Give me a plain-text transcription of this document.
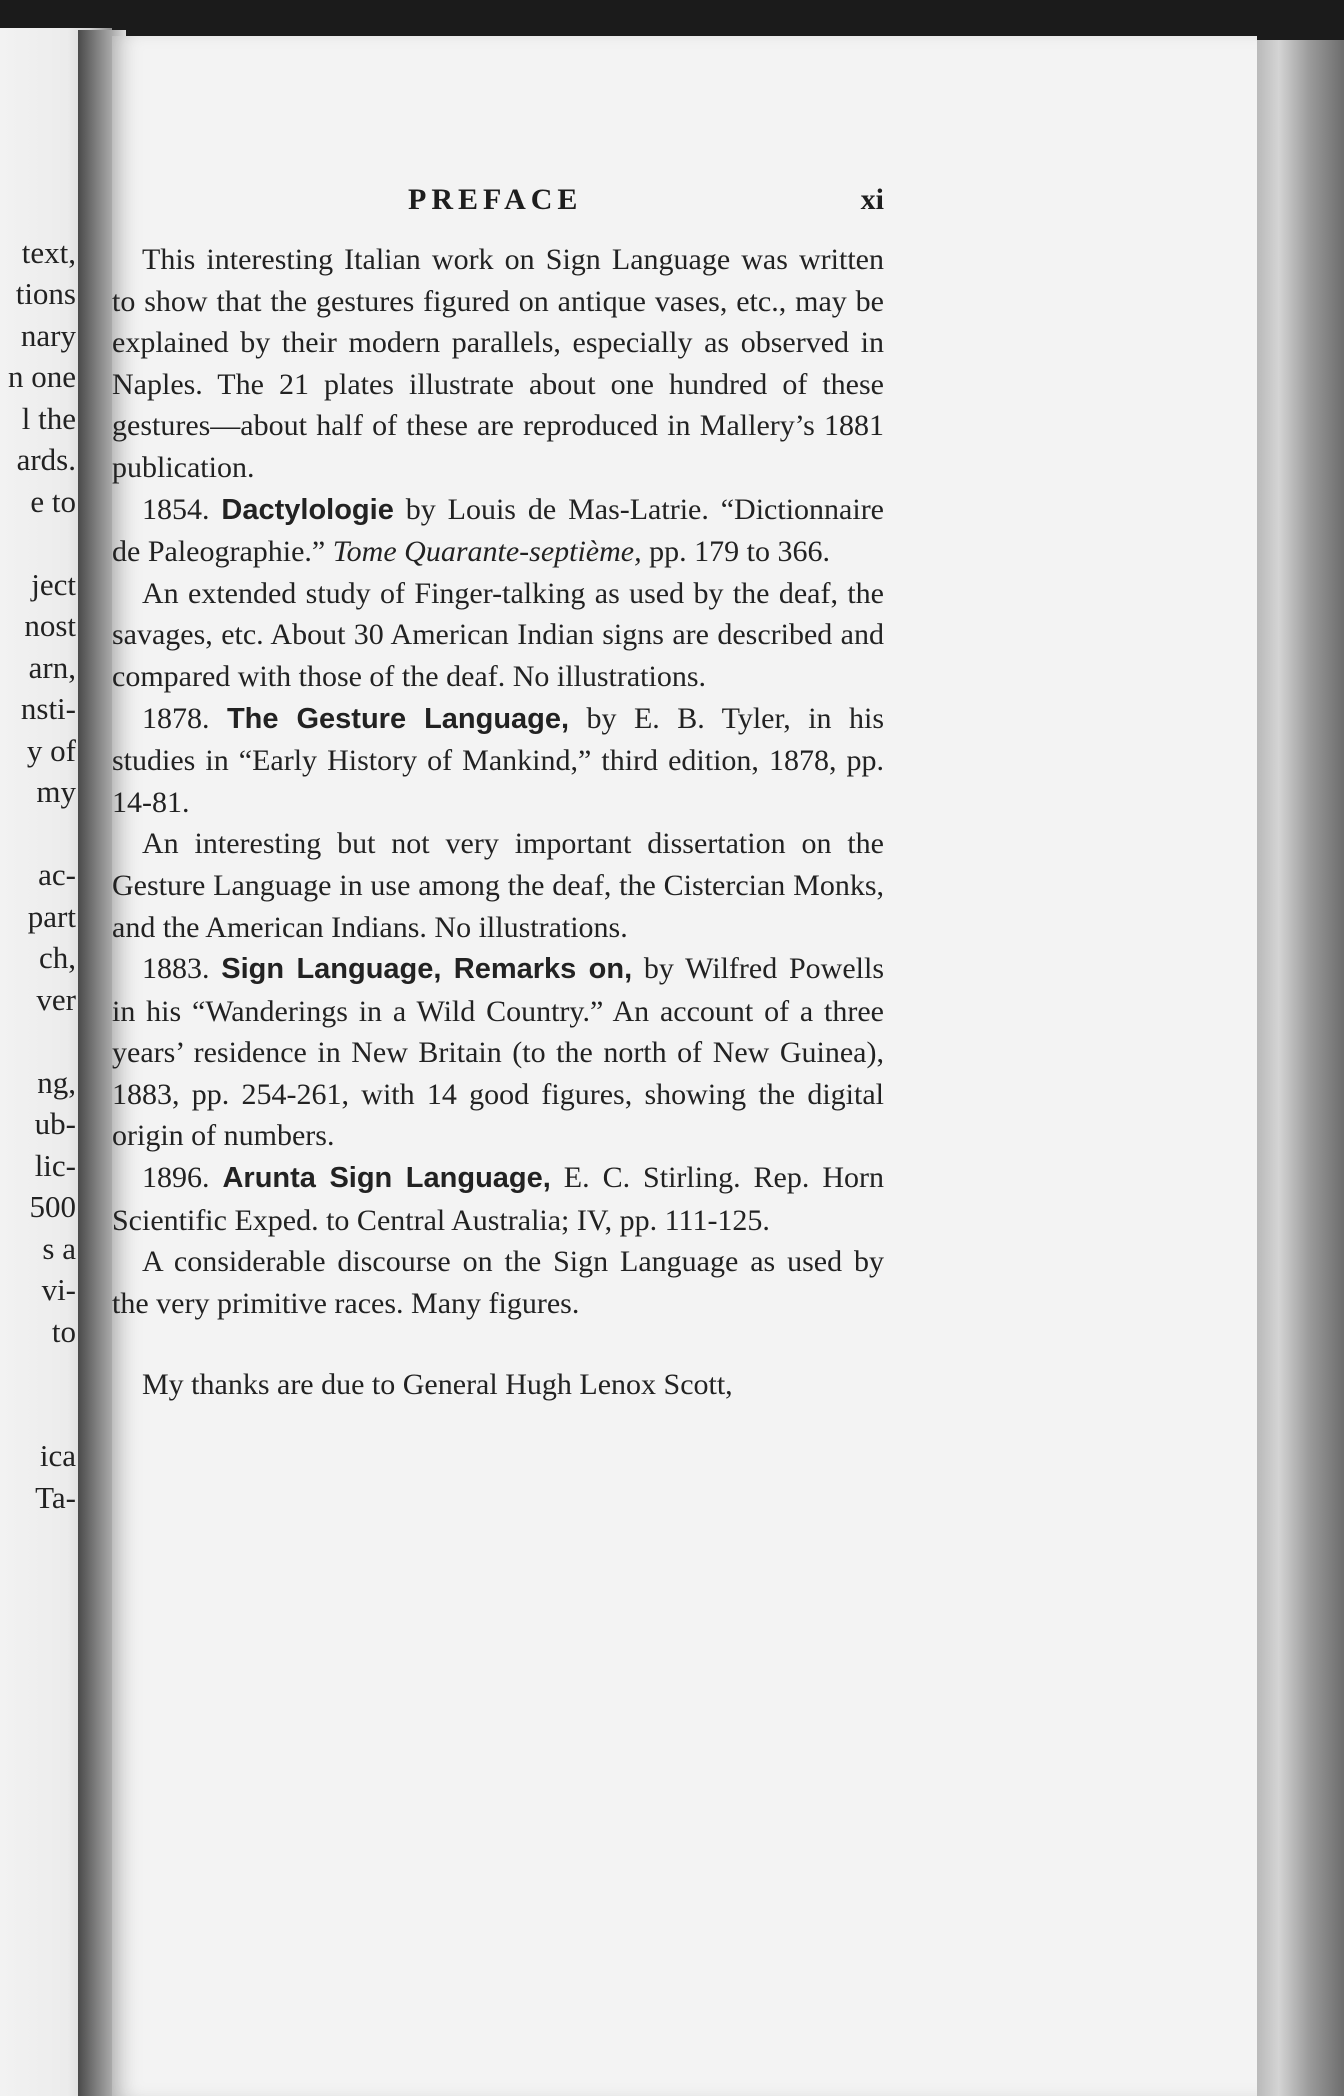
text,
tions
nary
n one
l the
ards.
e to
ject
nost
arn,
nsti-
y of
my
ac-
part
ch,
ver
ng,
ub-
lic-
500
s a
vi-
to
ica
Ta-
PREFACE	xi

This interesting Italian work on Sign Language was written to show that the gestures figured on antique vases, etc., may be explained by their modern parallels, especially as observed in Naples. The 21 plates illustrate about one hundred of these gestures—about half of these are reproduced in Mallery’s 1881 publication.

1854. Dactylologie by Louis de Mas-Latrie. “Dictionnaire de Paleographie.” Tome Quarante-septième, pp. 179 to 366.

An extended study of Finger-talking as used by the deaf, the savages, etc. About 30 American Indian signs are described and compared with those of the deaf. No illustrations.

1878. The Gesture Language, by E. B. Tyler, in his studies in “Early History of Mankind,” third edition, 1878, pp. 14-81.

An interesting but not very important dissertation on the Gesture Language in use among the deaf, the Cistercian Monks, and the American Indians. No illustrations.

1883. Sign Language, Remarks on, by Wilfred Powells in his “Wanderings in a Wild Country.” An account of a three years’ residence in New Britain (to the north of New Guinea), 1883, pp. 254-261, with 14 good figures, showing the digital origin of numbers.

1896. Arunta Sign Language, E. C. Stirling. Rep. Horn Scientific Exped. to Central Australia; IV, pp. 111-125.

A considerable discourse on the Sign Language as used by the very primitive races. Many figures.

My thanks are due to General Hugh Lenox Scott,
